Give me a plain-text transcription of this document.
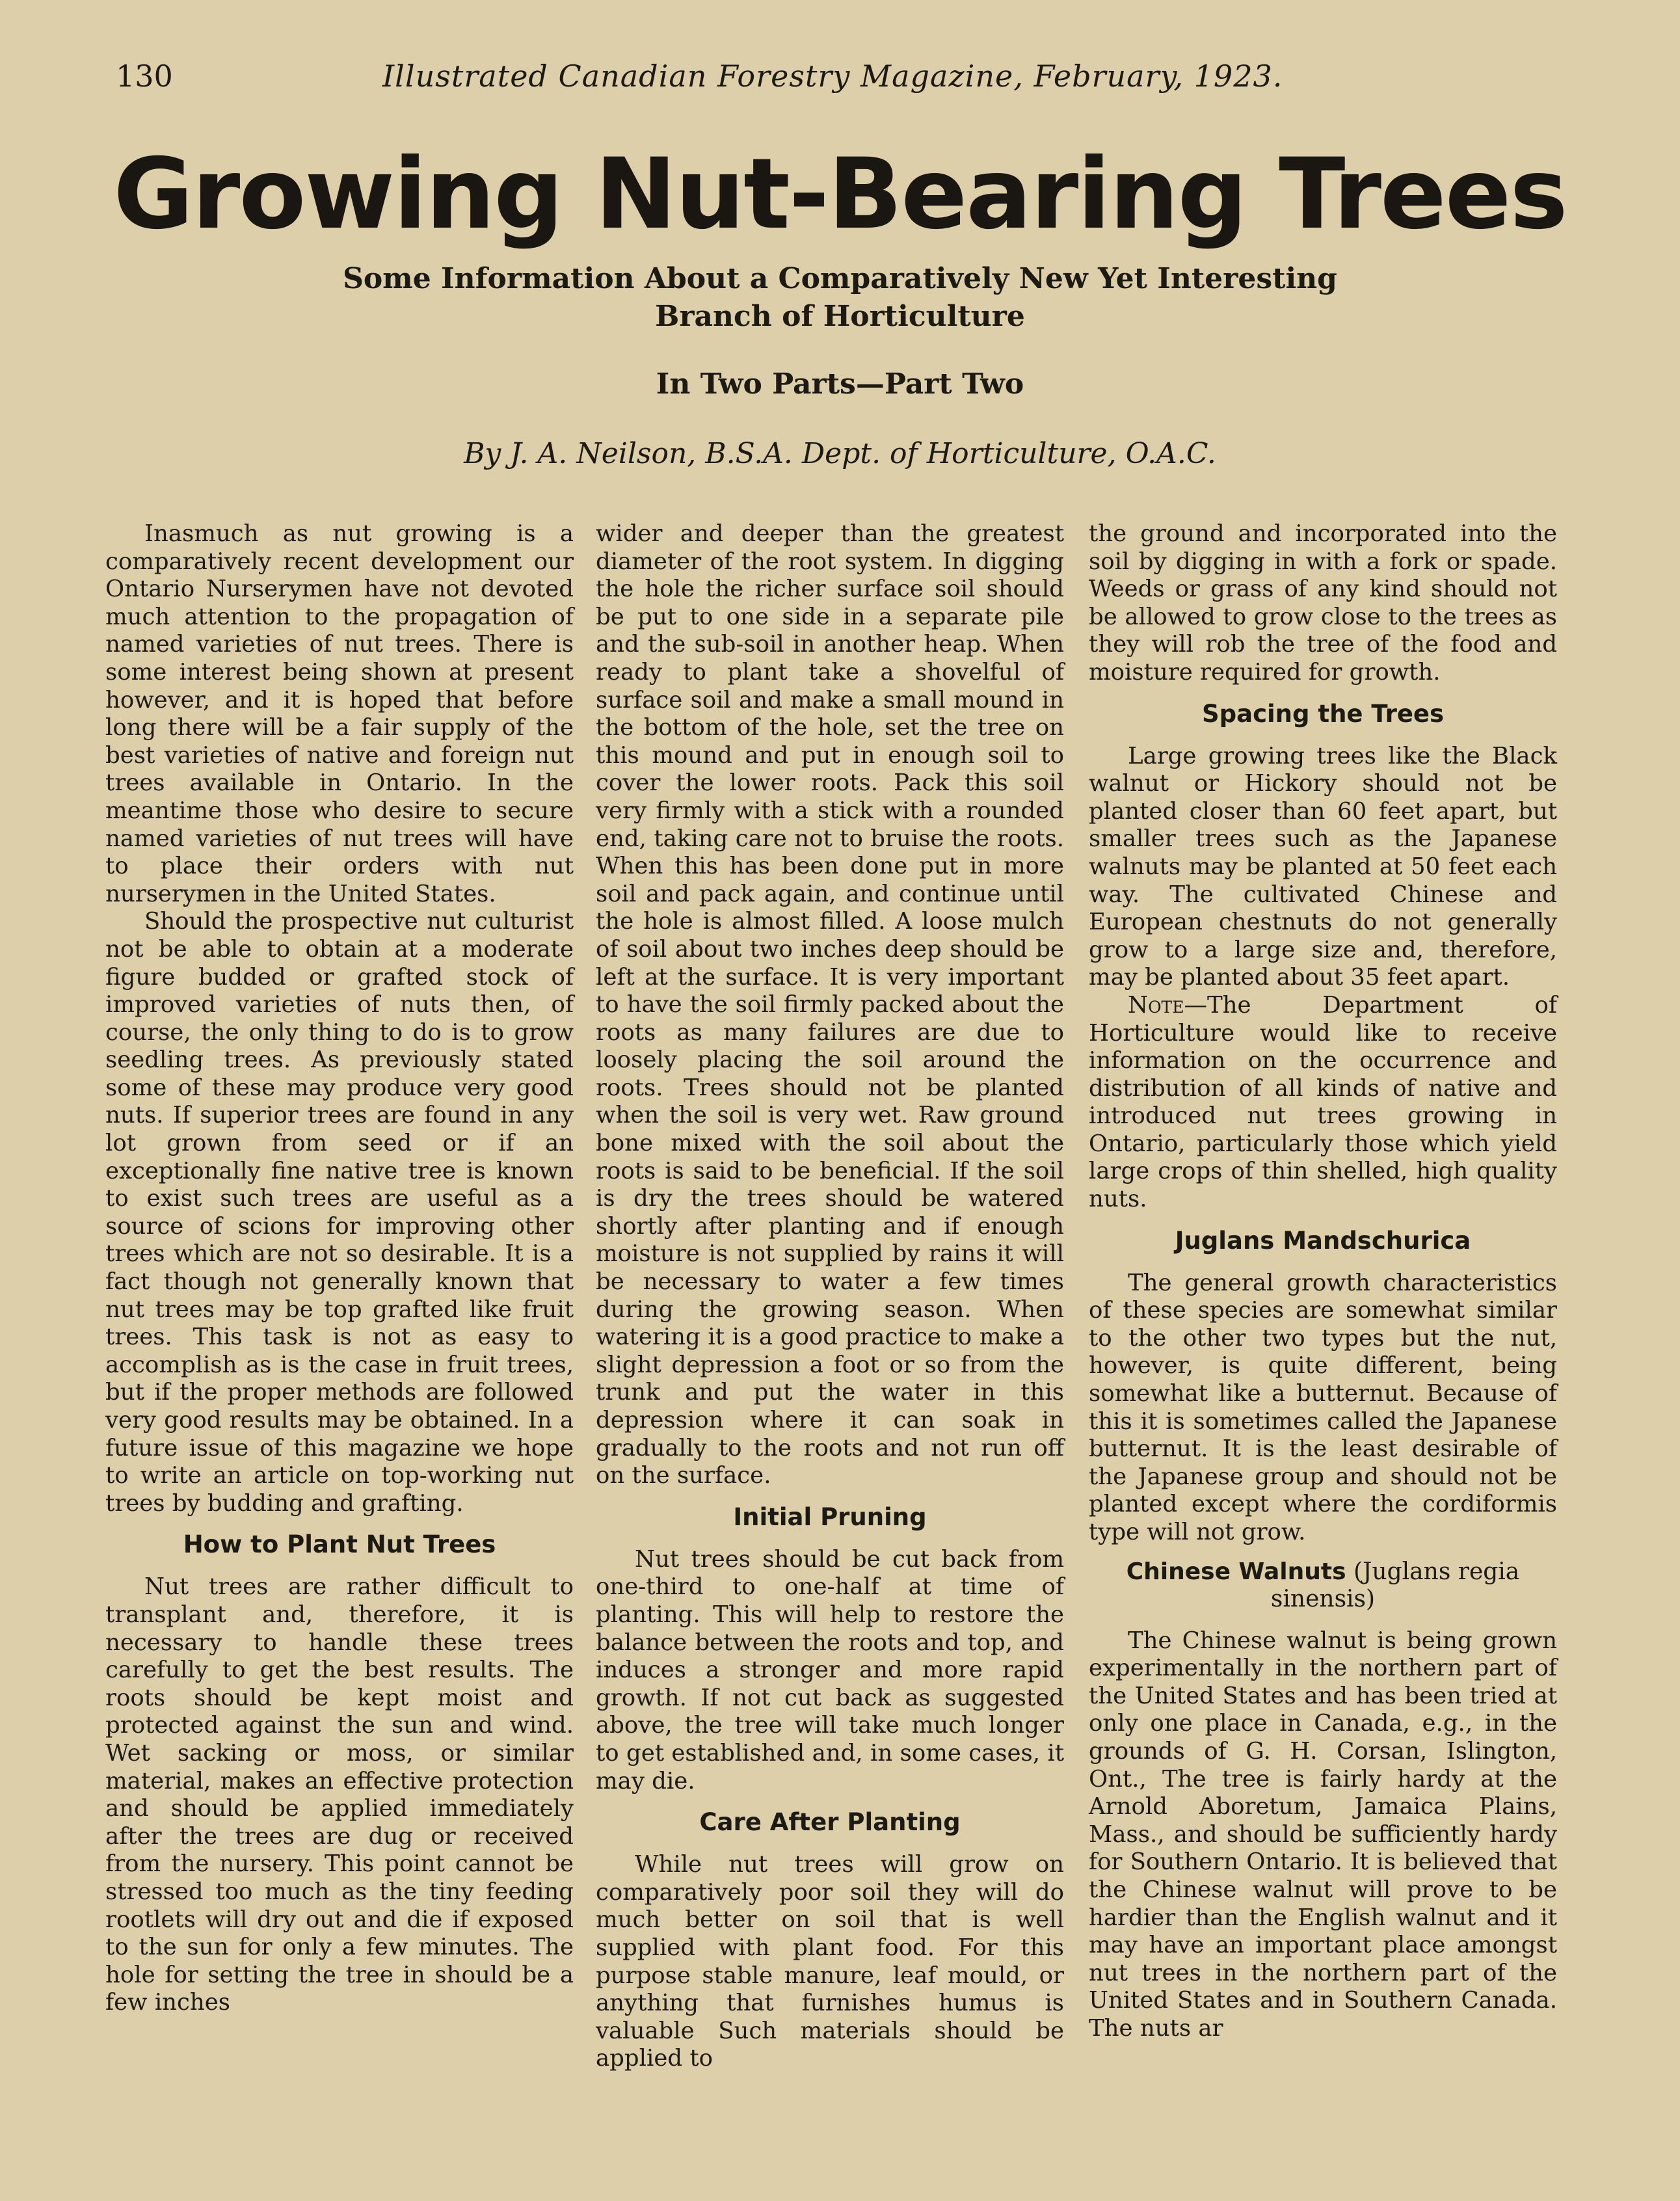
130	Illustrated Canadian Forestry Magazine, February, 1923.
Growing Nut-Bearing Trees
Some Information About a Comparatively New Yet Interesting
Branch of Horticulture
In Two Parts—Part Two
By J. A. Neilson, B.S.A. Dept. of Horticulture, O.A.C.

Inasmuch as nut growing is a comparatively recent development our Ontario Nurserymen have not devoted much attention to the propagation of named varieties of nut trees. There is some interest being shown at present however, and it is hoped that before long there will be a fair supply of the best varieties of native and foreign nut trees available in Ontario. In the meantime those who desire to secure named varieties of nut trees will have to place their orders with nut nurserymen in the United States.

Should the prospective nut culturist not be able to obtain at a moderate figure budded or grafted stock of improved varieties of nuts then, of course, the only thing to do is to grow seedling trees. As previously stated some of these may produce very good nuts. If superior trees are found in any lot grown from seed or if an exceptionally fine native tree is known to exist such trees are useful as a source of scions for improving other trees which are not so desirable. It is a fact though not generally known that nut trees may be top grafted like fruit trees. This task is not as easy to accomplish as is the case in fruit trees, but if the proper methods are followed very good results may be obtained. In a future issue of this magazine we hope to write an article on top-working nut trees by budding and grafting.

How to Plant Nut Trees

Nut trees are rather difficult to transplant and, therefore, it is necessary to handle these trees carefully to get the best results. The roots should be kept moist and protected against the sun and wind. Wet sacking or moss, or similar material, makes an effective protection and should be applied immediately after the trees are dug or received from the nursery. This point cannot be stressed too much as the tiny feeding rootlets will dry out and die if exposed to the sun for only a few minutes. The hole for setting the tree in should be a few inches

wider and deeper than the greatest diameter of the root system. In digging the hole the richer surface soil should be put to one side in a separate pile and the sub-soil in another heap. When ready to plant take a shovelful of surface soil and make a small mound in the bottom of the hole, set the tree on this mound and put in enough soil to cover the lower roots. Pack this soil very firmly with a stick with a rounded end, taking care not to bruise the roots. When this has been done put in more soil and pack again, and continue until the hole is almost filled. A loose mulch of soil about two inches deep should be left at the surface. It is very important to have the soil firmly packed about the roots as many failures are due to loosely placing the soil around the roots. Trees should not be planted when the soil is very wet. Raw ground bone mixed with the soil about the roots is said to be beneficial. If the soil is dry the trees should be watered shortly after planting and if enough moisture is not supplied by rains it will be necessary to water a few times during the growing season. When watering it is a good practice to make a slight depression a foot or so from the trunk and put the water in this depression where it can soak in gradually to the roots and not run off on the surface.

Initial Pruning

Nut trees should be cut back from one-third to one-half at time of planting. This will help to restore the balance between the roots and top, and induces a stronger and more rapid growth. If not cut back as suggested above, the tree will take much longer to get established and, in some cases, it may die.

Care After Planting

While nut trees will grow on comparatively poor soil they will do much better on soil that is well supplied with plant food. For this purpose stable manure, leaf mould, or anything that furnishes humus is valuable Such materials should be applied to

the ground and incorporated into the soil by digging in with a fork or spade. Weeds or grass of any kind should not be allowed to grow close to the trees as they will rob the tree of the food and moisture required for growth.

Spacing the Trees

Large growing trees like the Black walnut or Hickory should not be planted closer than 60 feet apart, but smaller trees such as the Japanese walnuts may be planted at 50 feet each way. The cultivated Chinese and European chestnuts do not generally grow to a large size and, therefore, may be planted about 35 feet apart.

Note—The Department of Horticulture would like to receive information on the occurrence and distribution of all kinds of native and introduced nut trees growing in Ontario, particularly those which yield large crops of thin shelled, high quality nuts.

Juglans Mandschurica

The general growth characteristics of these species are somewhat similar to the other two types but the nut, however, is quite different, being somewhat like a butternut. Because of this it is sometimes called the Japanese butternut. It is the least desirable of the Japanese group and should not be planted except where the cordiformis type will not grow.

Chinese Walnuts (Juglans regia sinensis)

The Chinese walnut is being grown experimentally in the northern part of the United States and has been tried at only one place in Canada, e.g., in the grounds of G. H. Corsan, Islington, Ont., The tree is fairly hardy at the Arnold Aboretum, Jamaica Plains, Mass., and should be sufficiently hardy for Southern Ontario. It is believed that the Chinese walnut will prove to be hardier than the English walnut and it may have an important place amongst nut trees in the northern part of the United States and in Southern Canada. The nuts ar
